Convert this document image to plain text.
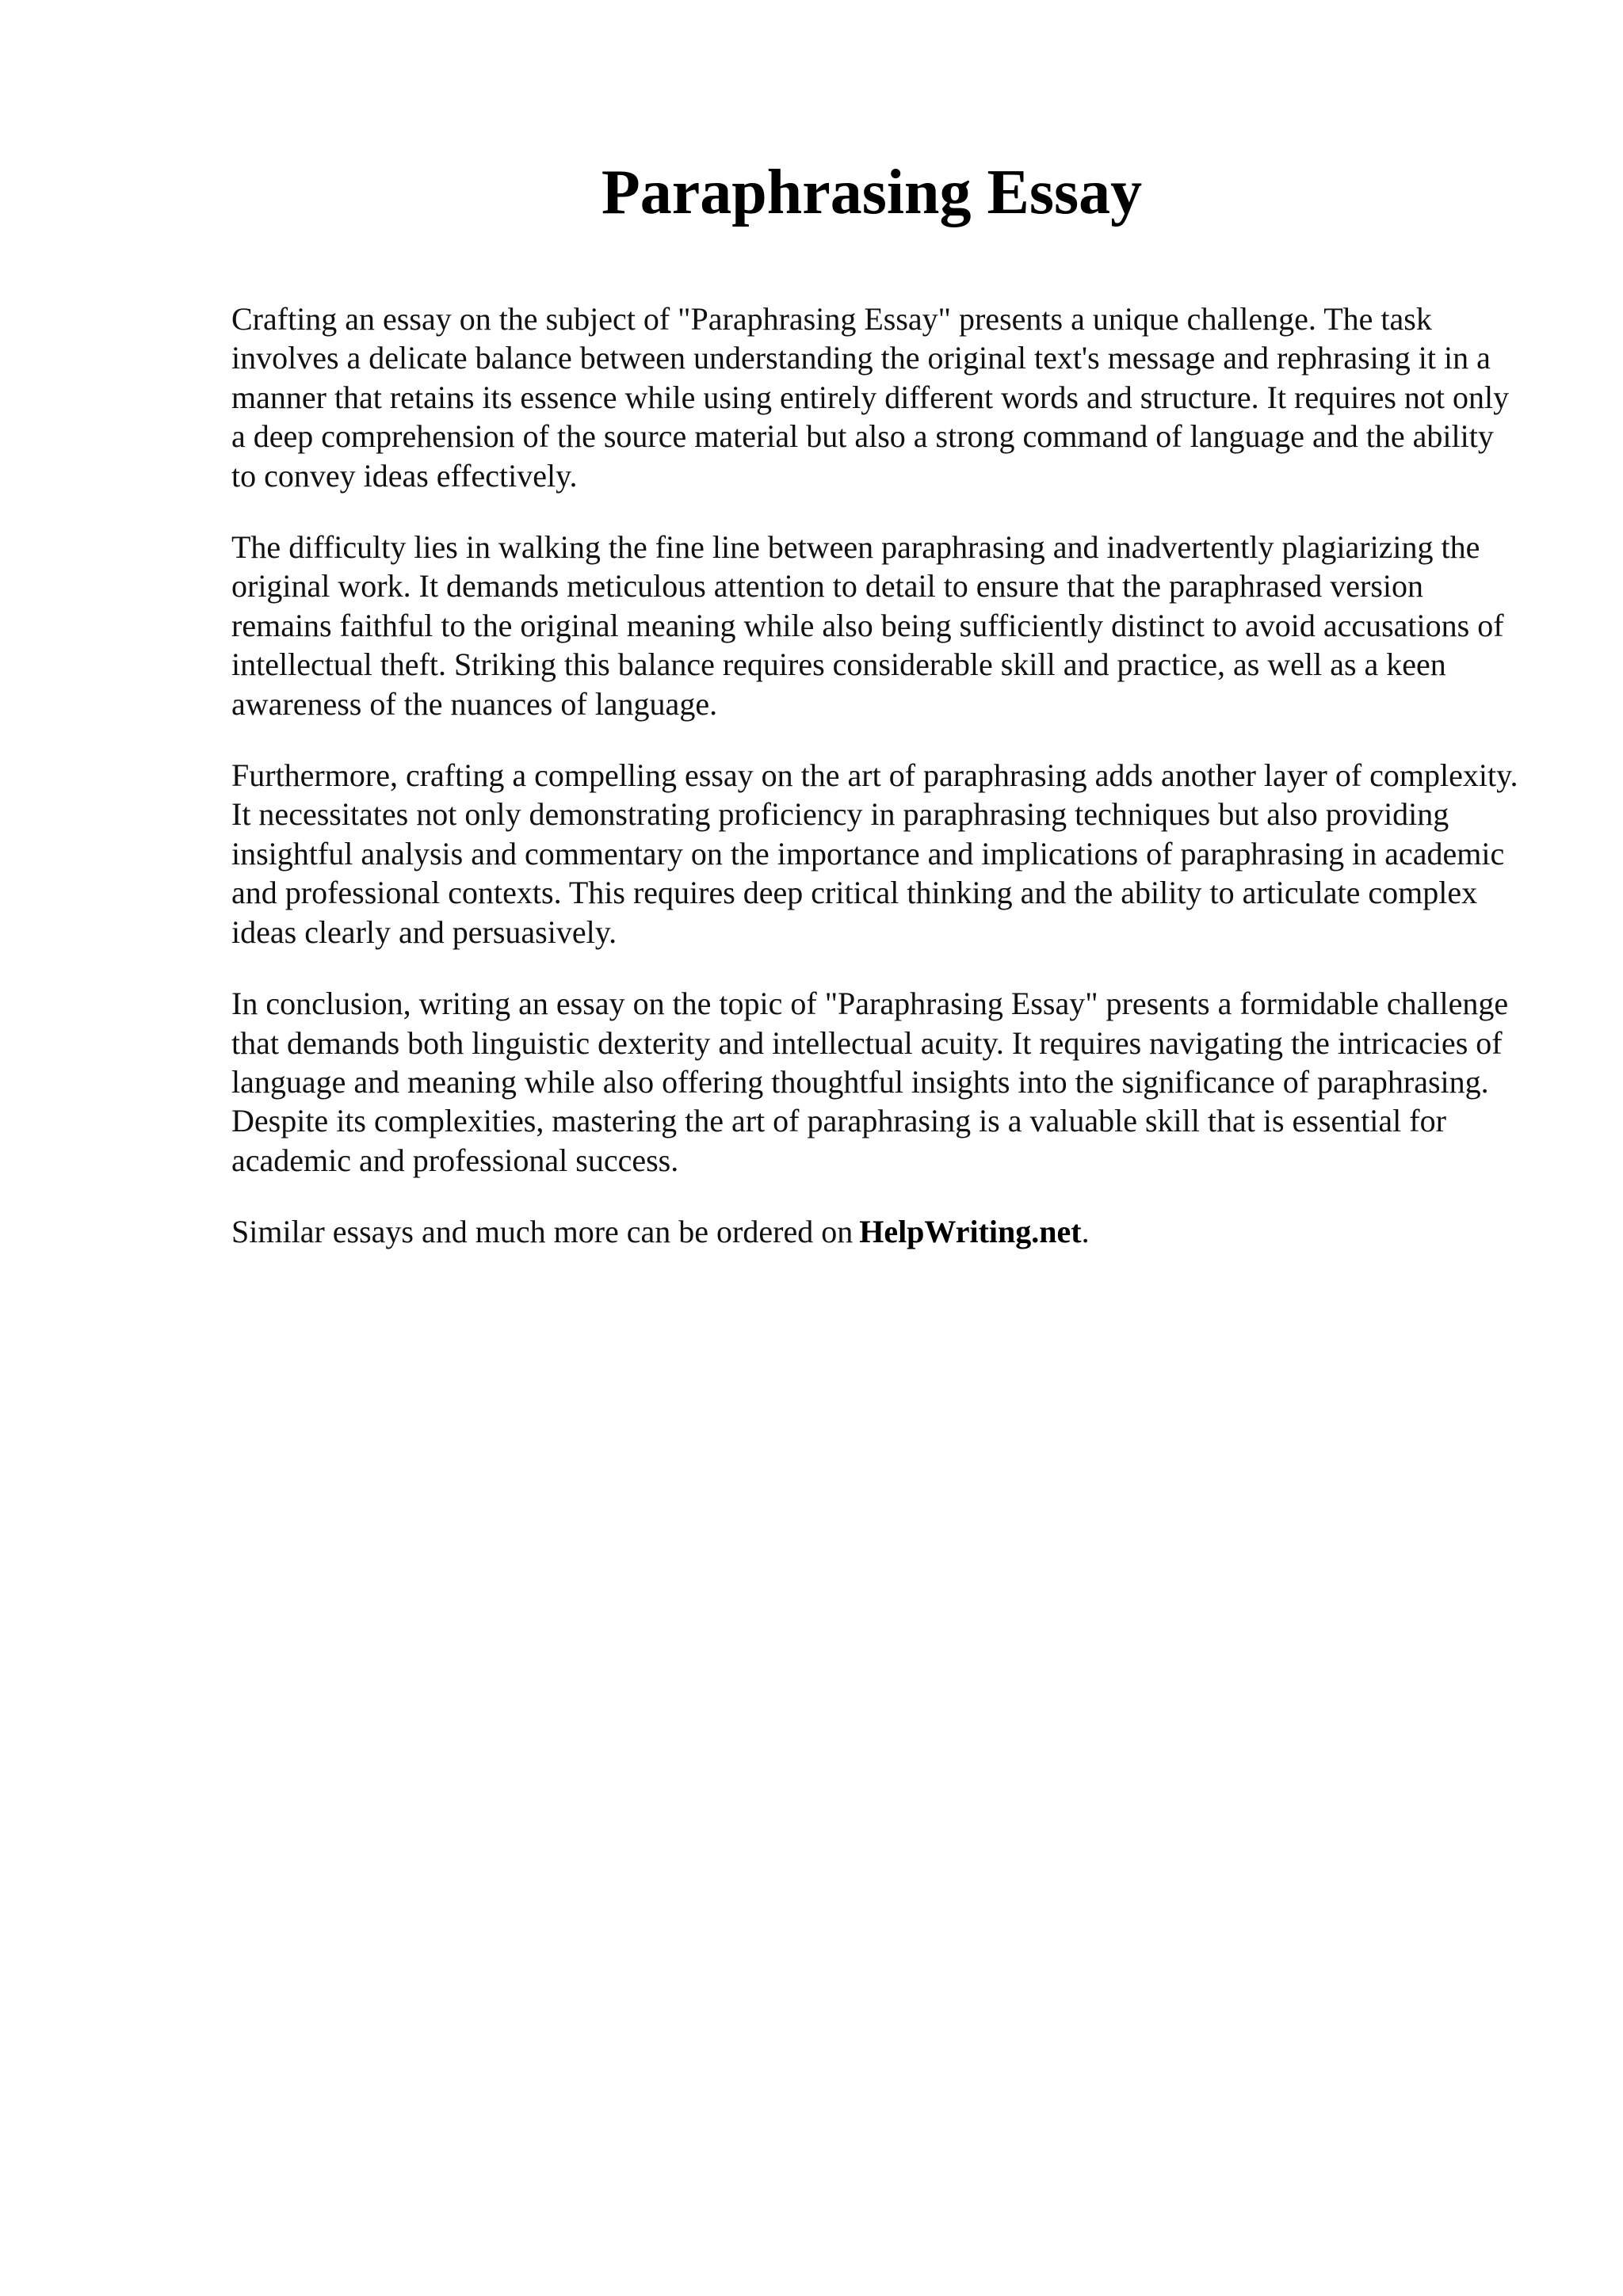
Paraphrasing Essay

Crafting an essay on the subject of "Paraphrasing Essay" presents a unique challenge. The task involves a delicate balance between understanding the original text's message and rephrasing it in a manner that retains its essence while using entirely different words and structure. It requires not only a deep comprehension of the source material but also a strong command of language and the ability to convey ideas effectively.

The difficulty lies in walking the fine line between paraphrasing and inadvertently plagiarizing the original work. It demands meticulous attention to detail to ensure that the paraphrased version remains faithful to the original meaning while also being sufficiently distinct to avoid accusations of intellectual theft. Striking this balance requires considerable skill and practice, as well as a keen awareness of the nuances of language.

Furthermore, crafting a compelling essay on the art of paraphrasing adds another layer of complexity. It necessitates not only demonstrating proficiency in paraphrasing techniques but also providing insightful analysis and commentary on the importance and implications of paraphrasing in academic and professional contexts. This requires deep critical thinking and the ability to articulate complex ideas clearly and persuasively.

In conclusion, writing an essay on the topic of "Paraphrasing Essay" presents a formidable challenge that demands both linguistic dexterity and intellectual acuity. It requires navigating the intricacies of language and meaning while also offering thoughtful insights into the significance of paraphrasing. Despite its complexities, mastering the art of paraphrasing is a valuable skill that is essential for academic and professional success.

Similar essays and much more can be ordered on HelpWriting.net.
